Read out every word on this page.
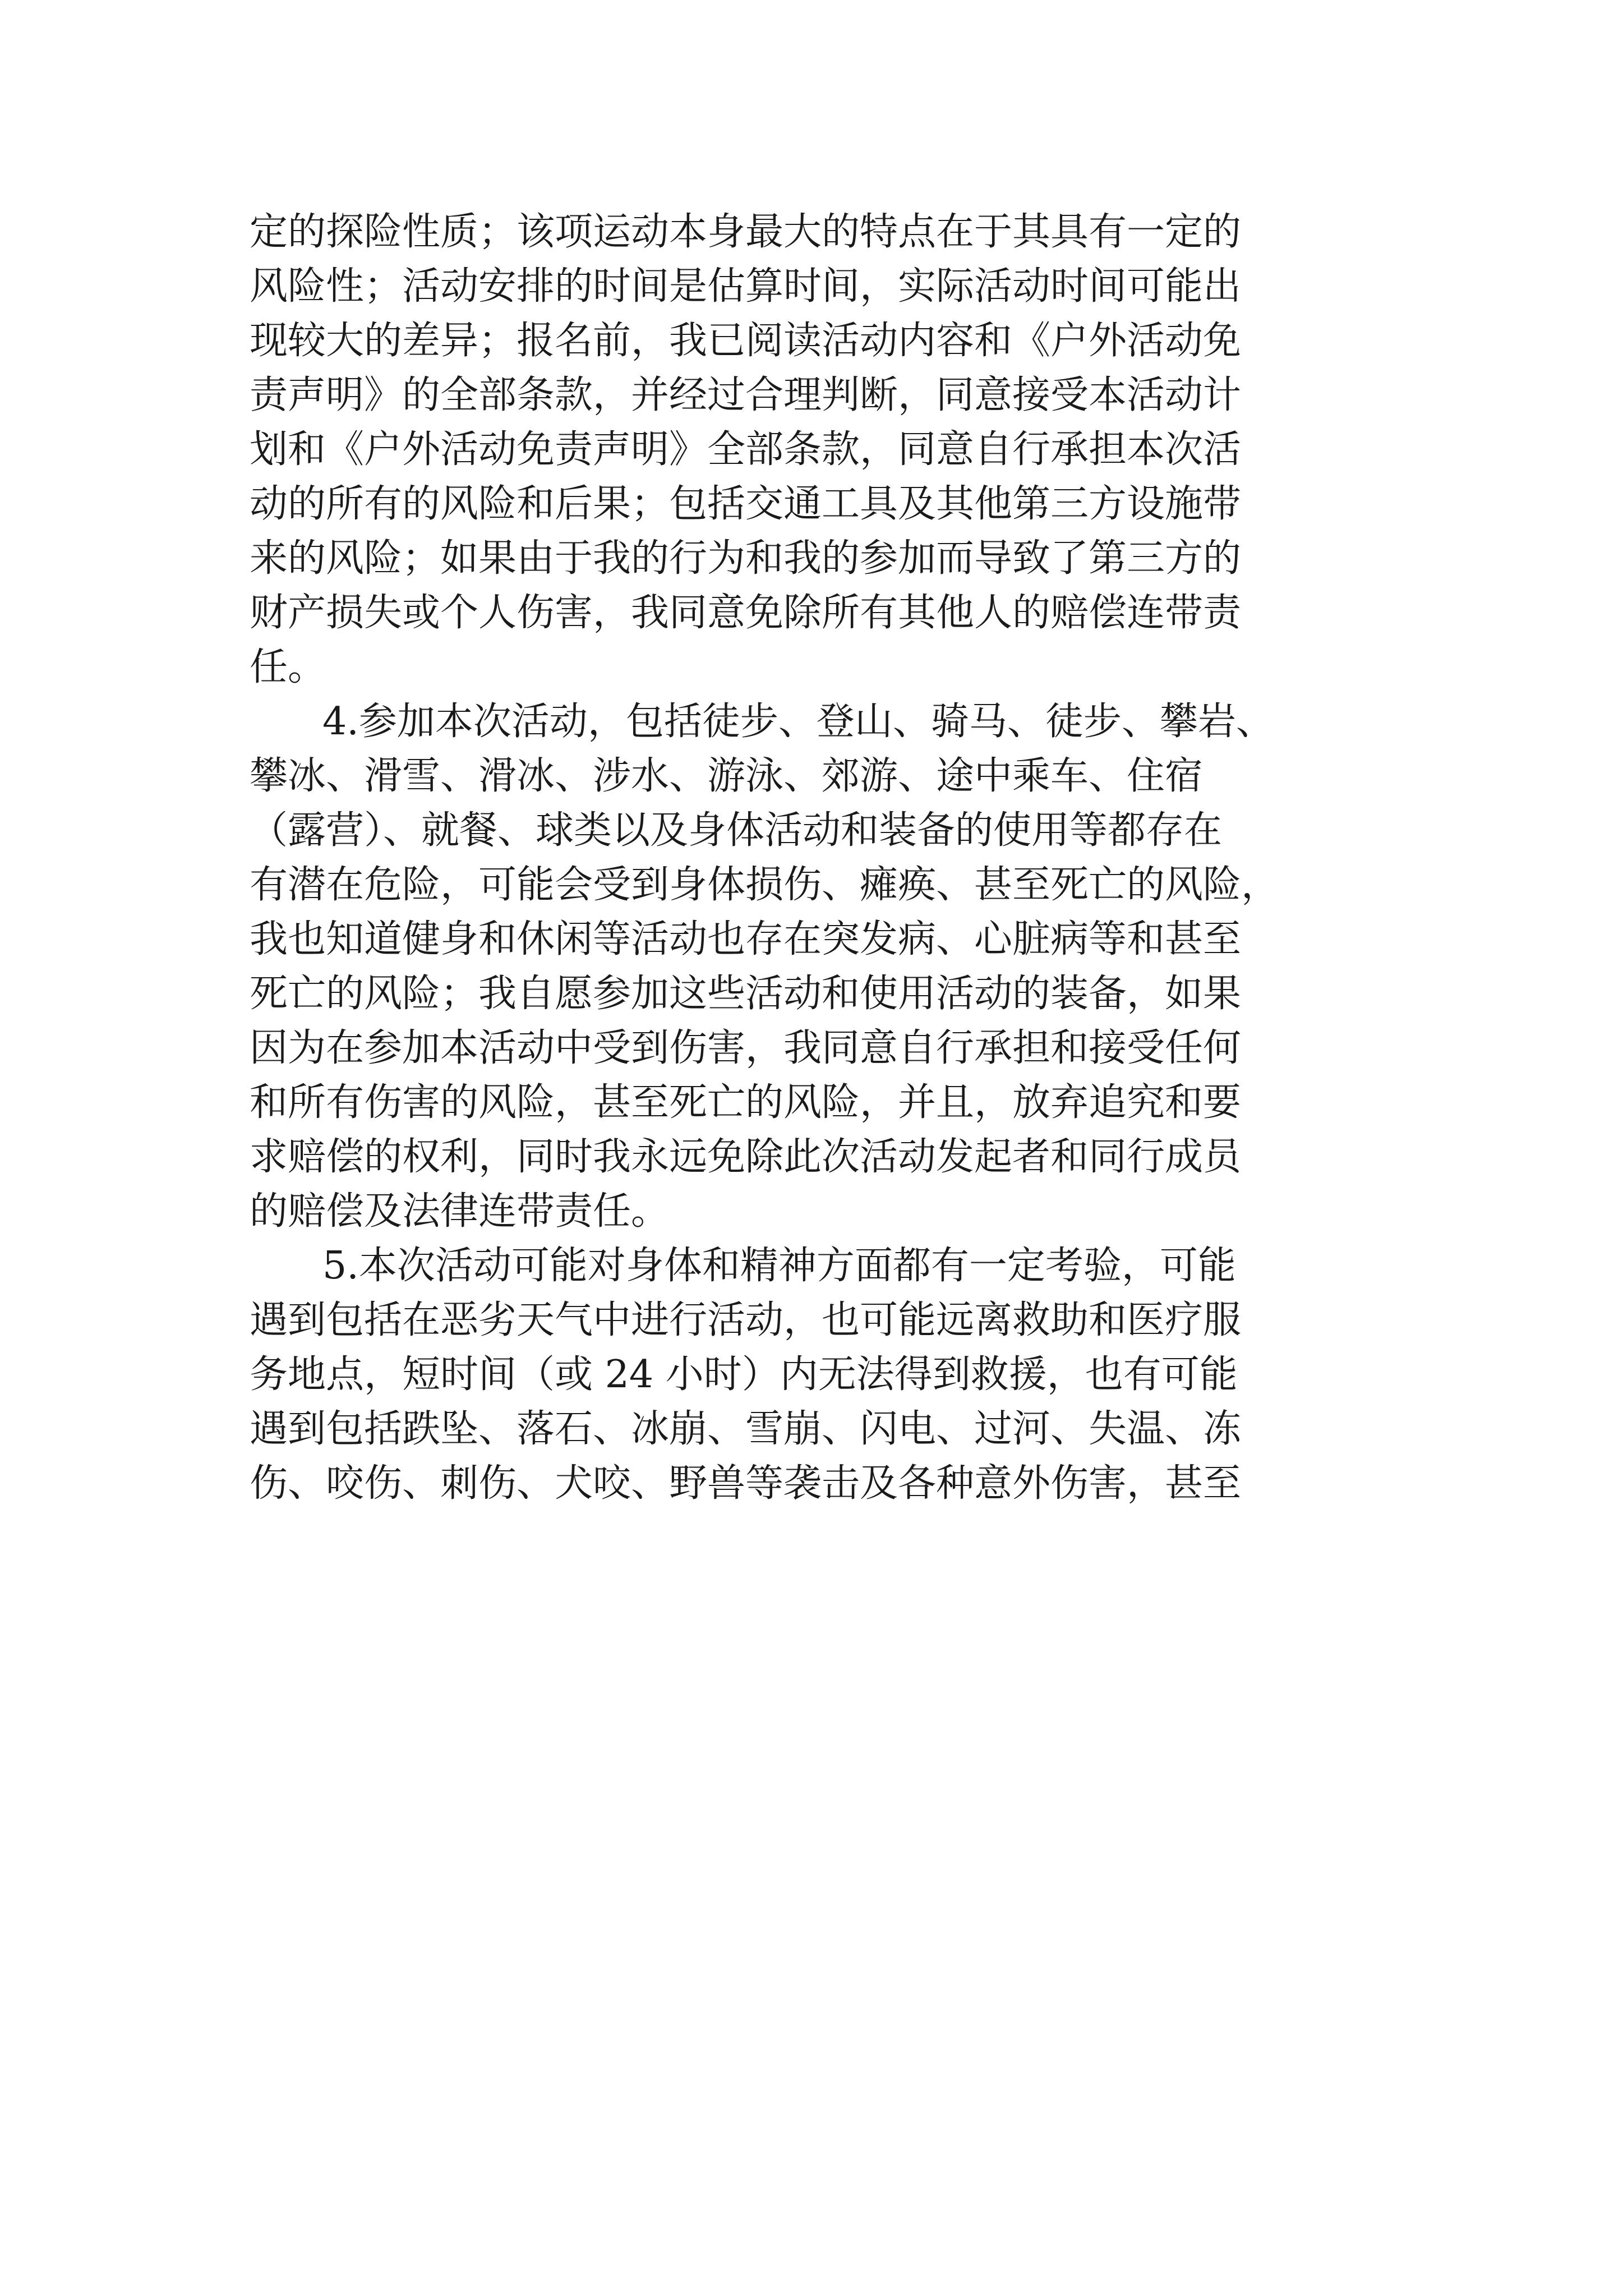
定的探险性质；该项运动本身最大的特点在于其具有一定的
风险性；活动安排的时间是估算时间，实际活动时间可能出
现较大的差异；报名前，我已阅读活动内容和《户外活动免
责声明》的全部条款，并经过合理判断，同意接受本活动计
划和《户外活动免责声明》全部条款，同意自行承担本次活
动的所有的风险和后果；包括交通工具及其他第三方设施带
来的风险；如果由于我的行为和我的参加而导致了第三方的
财产损失或个人伤害，我同意免除所有其他人的赔偿连带责
任。
4.参加本次活动，包括徒步、登山、骑马、徒步、攀岩、
攀冰、滑雪、滑冰、涉水、游泳、郊游、途中乘车、住宿
（露营）、就餐、球类以及身体活动和装备的使用等都存在
有潜在危险，可能会受到身体损伤、瘫痪、甚至死亡的风险，
我也知道健身和休闲等活动也存在突发病、心脏病等和甚至
死亡的风险；我自愿参加这些活动和使用活动的装备，如果
因为在参加本活动中受到伤害，我同意自行承担和接受任何
和所有伤害的风险，甚至死亡的风险，并且，放弃追究和要
求赔偿的权利，同时我永远免除此次活动发起者和同行成员
的赔偿及法律连带责任。
5.本次活动可能对身体和精神方面都有一定考验，可能
遇到包括在恶劣天气中进行活动，也可能远离救助和医疗服
务地点，短时间（或 24 小时）内无法得到救援，也有可能
遇到包括跌坠、落石、冰崩、雪崩、闪电、过河、失温、冻
伤、咬伤、刺伤、犬咬、野兽等袭击及各种意外伤害，甚至
